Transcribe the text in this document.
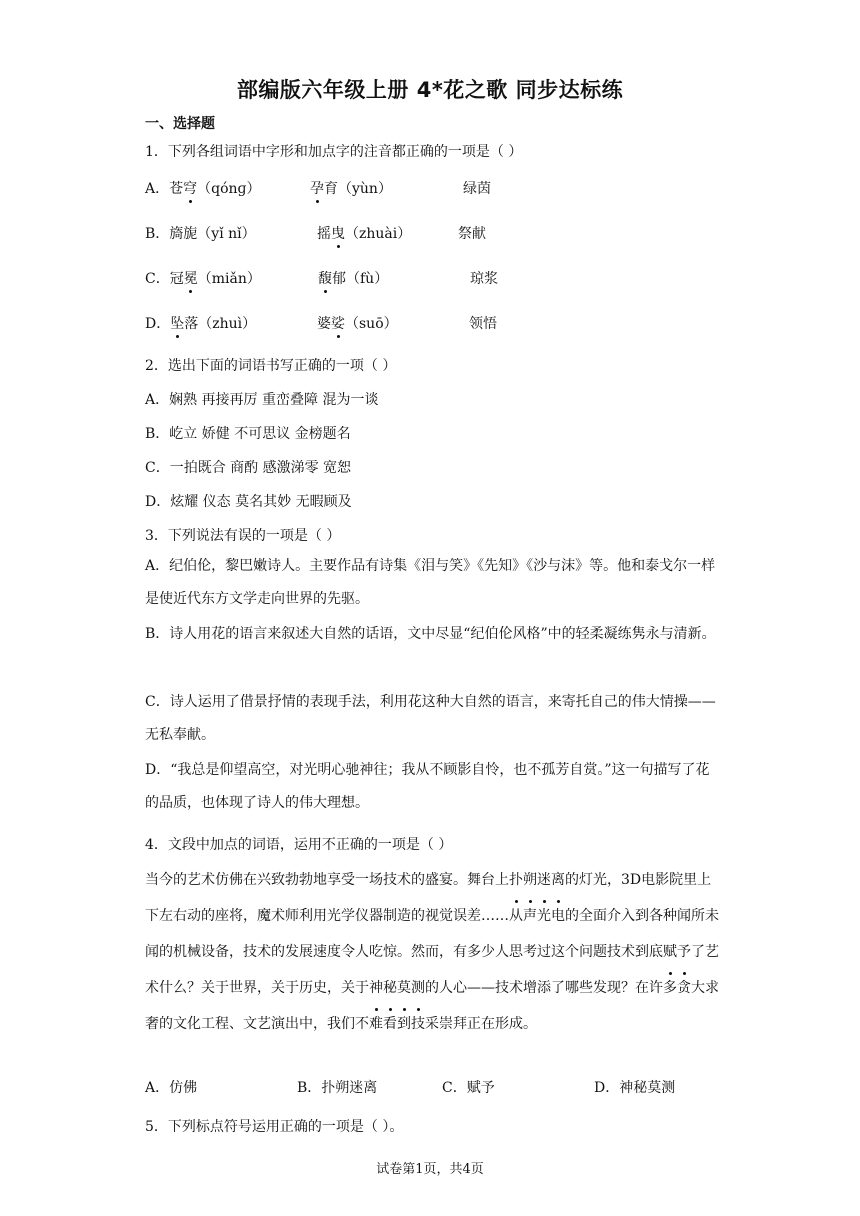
部编版六年级上册 4*花之歌 同步达标练
一、选择题
1．下列各组词语中字形和加点字的注音都正确的一项是（ ）
A．苍穹（qónɡ）	孕育（yùn）	绿茵
B．旖旎（yǐ nǐ）	摇曳（zhuài）	祭献
C．冠冕（miǎn）	馥郁（fù）	琼浆
D．坠落（zhuì）	婆娑（suō）	领悟
2．选出下面的词语书写正确的一项（ ）
A．娴熟 再接再厉 重峦叠障 混为一谈
B．屹立 娇健 不可思议 金榜题名
C．一拍既合 商酌 感激涕零 宽恕
D．炫耀 仪态 莫名其妙 无暇顾及
3．下列说法有误的一项是（ ）
A．纪伯伦，黎巴嫩诗人。主要作品有诗集《泪与笑》《先知》《沙与沫》等。他和泰戈尔一样是使近代东方文学走向世界的先驱。
B．诗人用花的语言来叙述大自然的话语，文中尽显“纪伯伦风格”中的轻柔凝练隽永与清新。
C．诗人运用了借景抒情的表现手法，利用花这种大自然的语言，来寄托自己的伟大情操——无私奉献。
D．“我总是仰望高空，对光明心驰神往；我从不顾影自怜，也不孤芳自赏。”这一句描写了花的品质，也体现了诗人的伟大理想。
4．文段中加点的词语，运用不正确的一项是（ ）
当今的艺术仿佛在兴致勃勃地享受一场技术的盛宴。舞台上扑朔迷离的灯光，3D电影院里上下左右动的座将，魔术师利用光学仪器制造的视觉误差……从声光电的全面介入到各种闻所未闻的机械设备，技术的发展速度令人吃惊。然而，有多少人思考过这个问题技术到底赋予了艺术什么？关于世界，关于历史，关于神秘莫测的人心——技术增添了哪些发现？在许多贪大求奢的文化工程、文艺演出中，我们不难看到技采崇拜正在形成。
A．仿佛	B．扑朔迷离	C．赋予	D．神秘莫测
5．下列标点符号运用正确的一项是（ ）。
试卷第1页，共4页
